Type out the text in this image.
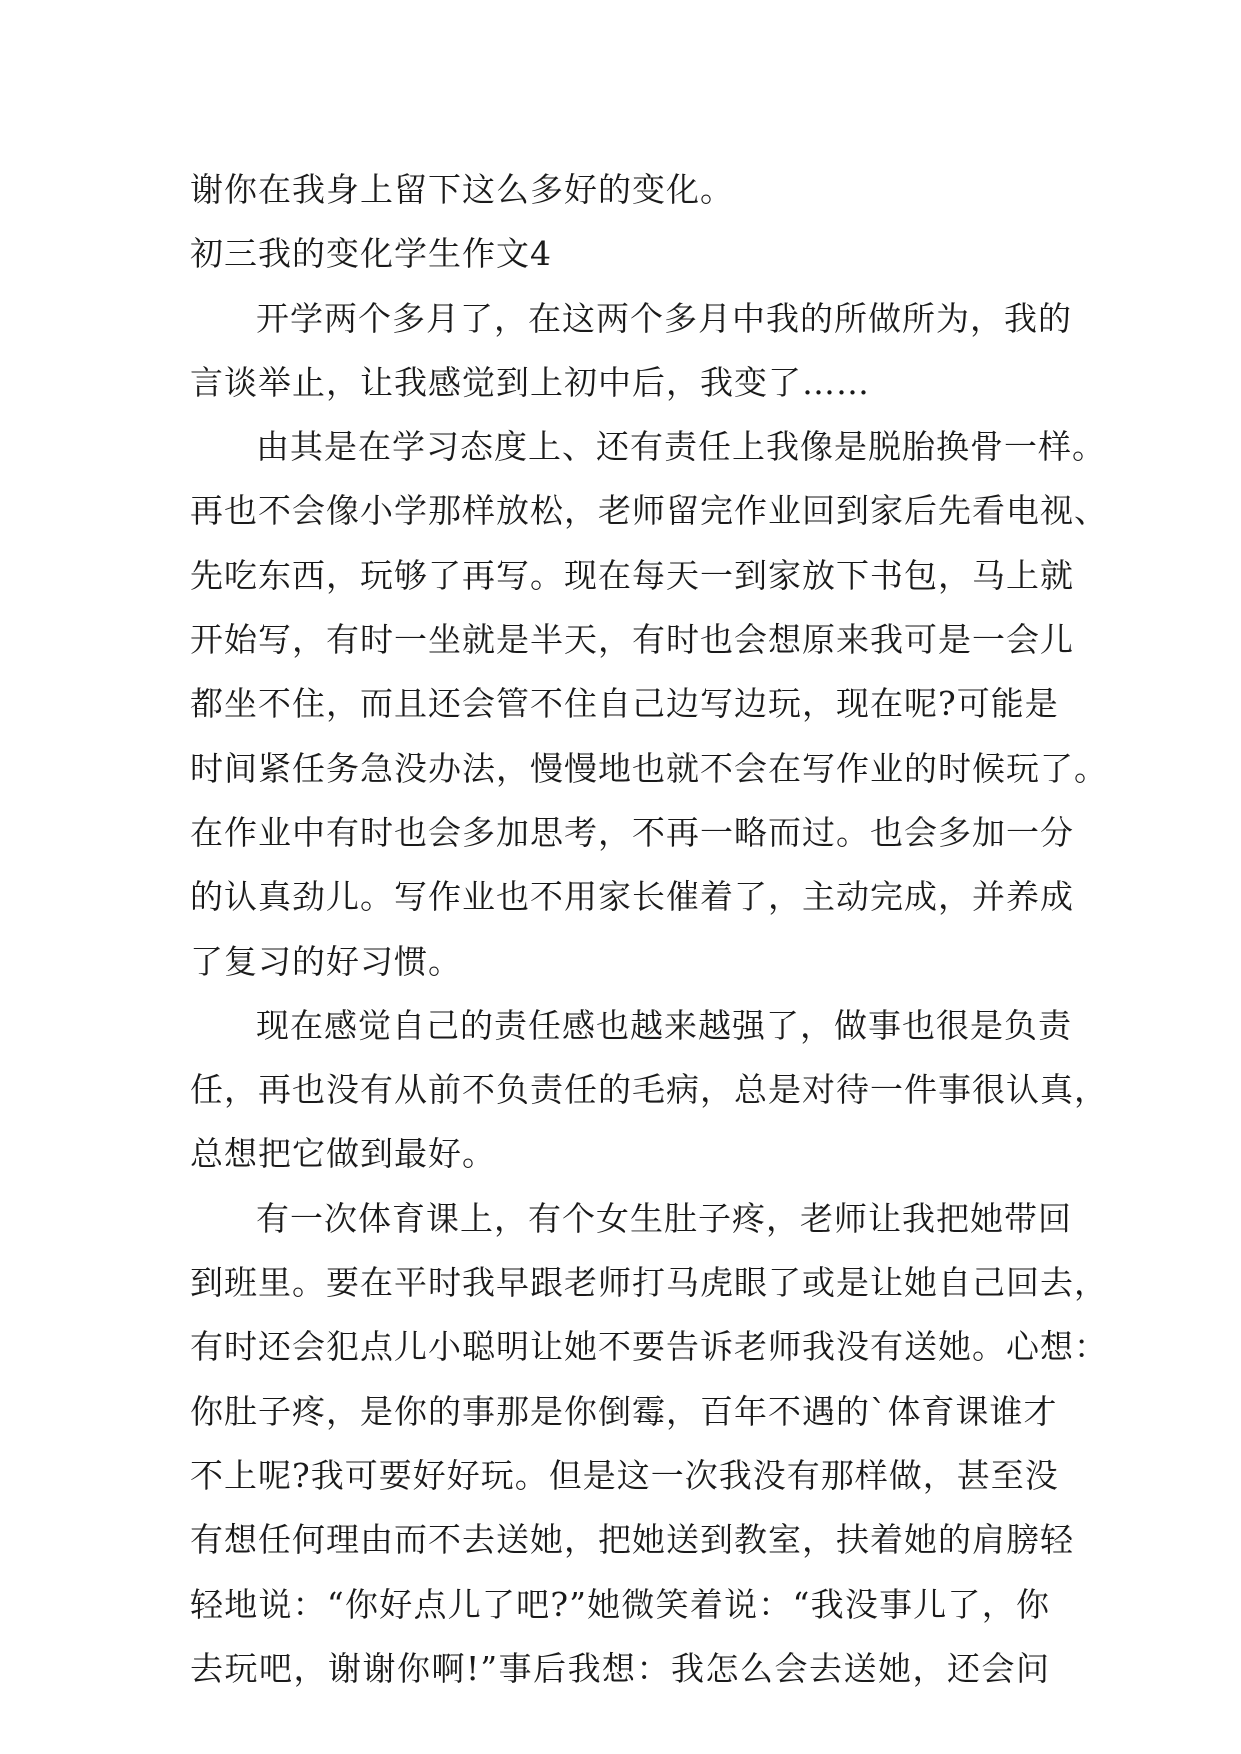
谢你在我身上留下这么多好的变化。
初三我的变化学生作文4
开学两个多月了，在这两个多月中我的所做所为，我的
言谈举止，让我感觉到上初中后，我变了……
由其是在学习态度上、还有责任上我像是脱胎换骨一样。
再也不会像小学那样放松，老师留完作业回到家后先看电视、
先吃东西，玩够了再写。现在每天一到家放下书包，马上就
开始写，有时一坐就是半天，有时也会想原来我可是一会儿
都坐不住，而且还会管不住自己边写边玩，现在呢?可能是
时间紧任务急没办法，慢慢地也就不会在写作业的时候玩了。
在作业中有时也会多加思考，不再一略而过。也会多加一分
的认真劲儿。写作业也不用家长催着了，主动完成，并养成
了复习的好习惯。
现在感觉自己的责任感也越来越强了，做事也很是负责
任，再也没有从前不负责任的毛病，总是对待一件事很认真，
总想把它做到最好。
有一次体育课上，有个女生肚子疼，老师让我把她带回
到班里。要在平时我早跟老师打马虎眼了或是让她自己回去，
有时还会犯点儿小聪明让她不要告诉老师我没有送她。心想：
你肚子疼，是你的事那是你倒霉，百年不遇的`体育课谁才
不上呢?我可要好好玩。但是这一次我没有那样做，甚至没
有想任何理由而不去送她，把她送到教室，扶着她的肩膀轻
轻地说：“你好点儿了吧?”她微笑着说：“我没事儿了，你
去玩吧，谢谢你啊!”事后我想：我怎么会去送她，还会问
